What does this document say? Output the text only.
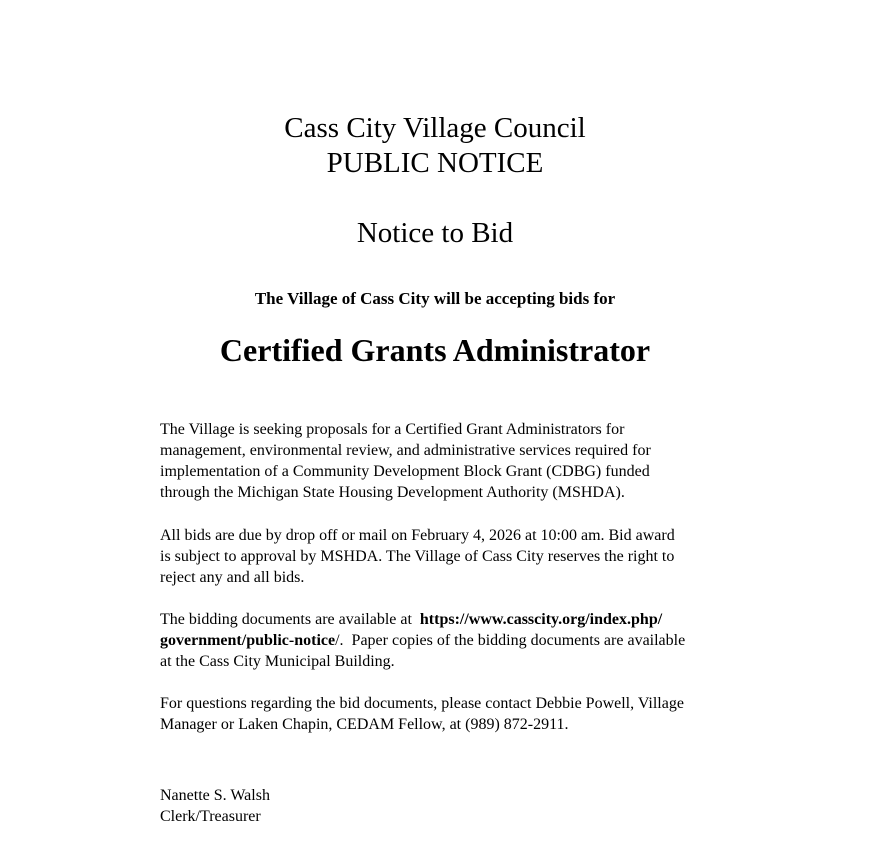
Cass City Village Council
PUBLIC NOTICE
Notice to Bid
The Village of Cass City will be accepting bids for
Certified Grants Administrator
The Village is seeking proposals for a Certified Grant Administrators for
management, environmental review, and administrative services required for
implementation of a Community Development Block Grant (CDBG) funded
through the Michigan State Housing Development Authority (MSHDA).
All bids are due by drop off or mail on February 4, 2026 at 10:00 am. Bid award
is subject to approval by MSHDA. The Village of Cass City reserves the right to
reject any and all bids.
The bidding documents are available at  https://www.casscity.org/index.php/
government/public-notice/.  Paper copies of the bidding documents are available
at the Cass City Municipal Building.
For questions regarding the bid documents, please contact Debbie Powell, Village
Manager or Laken Chapin, CEDAM Fellow, at (989) 872-2911.
Nanette S. Walsh
Clerk/Treasurer
